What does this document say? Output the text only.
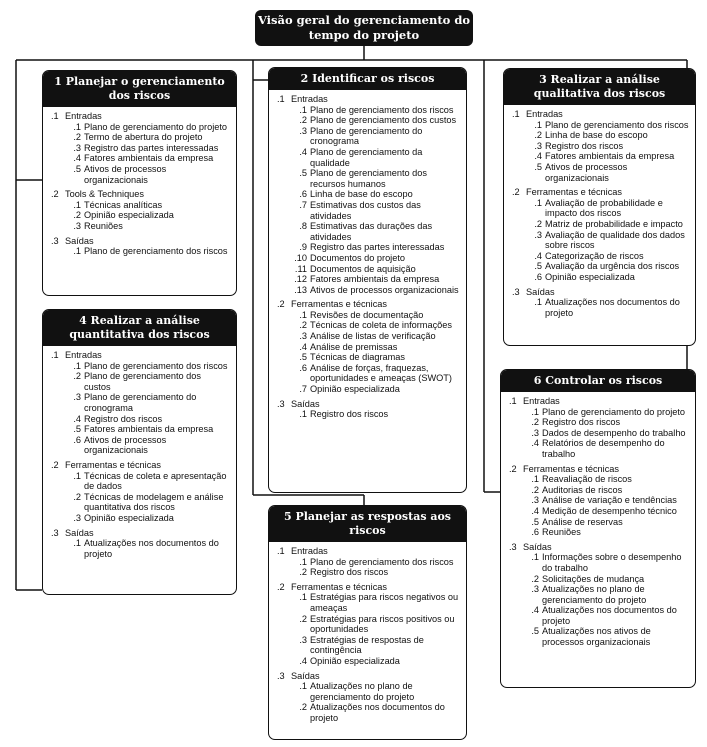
Visão geral do gerenciamento do tempo do projeto
1 Planejar o gerenciamento dos riscos
.1 Entradas
.1 Plano de gerenciamento do projeto
.2 Termo de abertura do projeto
.3 Registro das partes interessadas
.4 Fatores ambientais da empresa
.5 Ativos de processos organizacionais
.2 Tools & Techniques
.1 Técnicas analíticas
.2 Opinião especializada
.3 Reuniões
.3 Saídas
.1 Plano de gerenciamento dos riscos
2 Identificar os riscos
.1 Entradas
.1 Plano de gerenciamento dos riscos
.2 Plano de gerenciamento dos custos
.3 Plano de gerenciamento do cronograma
.4 Plano de gerenciamento da qualidade
.5 Plano de gerenciamento dos recursos humanos
.6 Linha de base do escopo
.7 Estimativas dos custos das atividades
.8 Estimativas das durações das atividades
.9 Registro das partes interessadas
.10 Documentos do projeto
.11 Documentos de aquisição
.12 Fatores ambientais da empresa
.13 Ativos de processos organizacionais
.2 Ferramentas e técnicas
.1 Revisões de documentação
.2 Técnicas de coleta de informações
.3 Análise de listas de verificação
.4 Análise de premissas
.5 Técnicas de diagramas
.6 Análise de forças, fraquezas, oportunidades e ameaças (SWOT)
.7 Opinião especializada
.3 Saídas
.1 Registro dos riscos
3 Realizar a análise qualitativa dos riscos
.1 Entradas
.1 Plano de gerenciamento dos riscos
.2 Linha de base do escopo
.3 Registro dos riscos
.4 Fatores ambientais da empresa
.5 Ativos de processos organizacionais
.2 Ferramentas e técnicas
.1 Avaliação de probabilidade e impacto dos riscos
.2 Matriz de probabilidade e impacto
.3 Avaliação de qualidade dos dados sobre riscos
.4 Categorização de riscos
.5 Avaliação da urgência dos riscos
.6 Opinião especializada
.3 Saídas
.1 Atualizações nos documentos do projeto
4 Realizar a análise quantitativa dos riscos
.1 Entradas
.1 Plano de gerenciamento dos riscos
.2 Plano de gerenciamento dos custos
.3 Plano de gerenciamento do cronograma
.4 Registro dos riscos
.5 Fatores ambientais da empresa
.6 Ativos de processos organizacionais
.2 Ferramentas e técnicas
.1 Técnicas de coleta e apresentação de dados
.2 Técnicas de modelagem e análise quantitativa dos riscos
.3 Opinião especializada
.3 Saídas
.1 Atualizações nos documentos do projeto
5 Planejar as respostas aos riscos
.1 Entradas
.1 Plano de gerenciamento dos riscos
.2 Registro dos riscos
.2 Ferramentas e técnicas
.1 Estratégias para riscos negativos ou ameaças
.2 Estratégias para riscos positivos ou oportunidades
.3 Estratégias de respostas de contingência
.4 Opinião especializada
.3 Saídas
.1 Atualizações no plano de gerenciamento do projeto
.2 Atualizações nos documentos do projeto
6 Controlar os riscos
.1 Entradas
.1 Plano de gerenciamento do projeto
.2 Registro dos riscos
.3 Dados de desempenho do trabalho
.4 Relatórios de desempenho do trabalho
.2 Ferramentas e técnicas
.1 Reavaliação de riscos
.2 Auditorias de riscos
.3 Análise de variação e tendências
.4 Medição de desempenho técnico
.5 Análise de reservas
.6 Reuniões
.3 Saídas
.1 Informações sobre o desempenho do trabalho
.2 Solicitações de mudança
.3 Atualizações no plano de gerenciamento do projeto
.4 Atualizações nos documentos do projeto
.5 Atualizações nos ativos de processos organizacionais
